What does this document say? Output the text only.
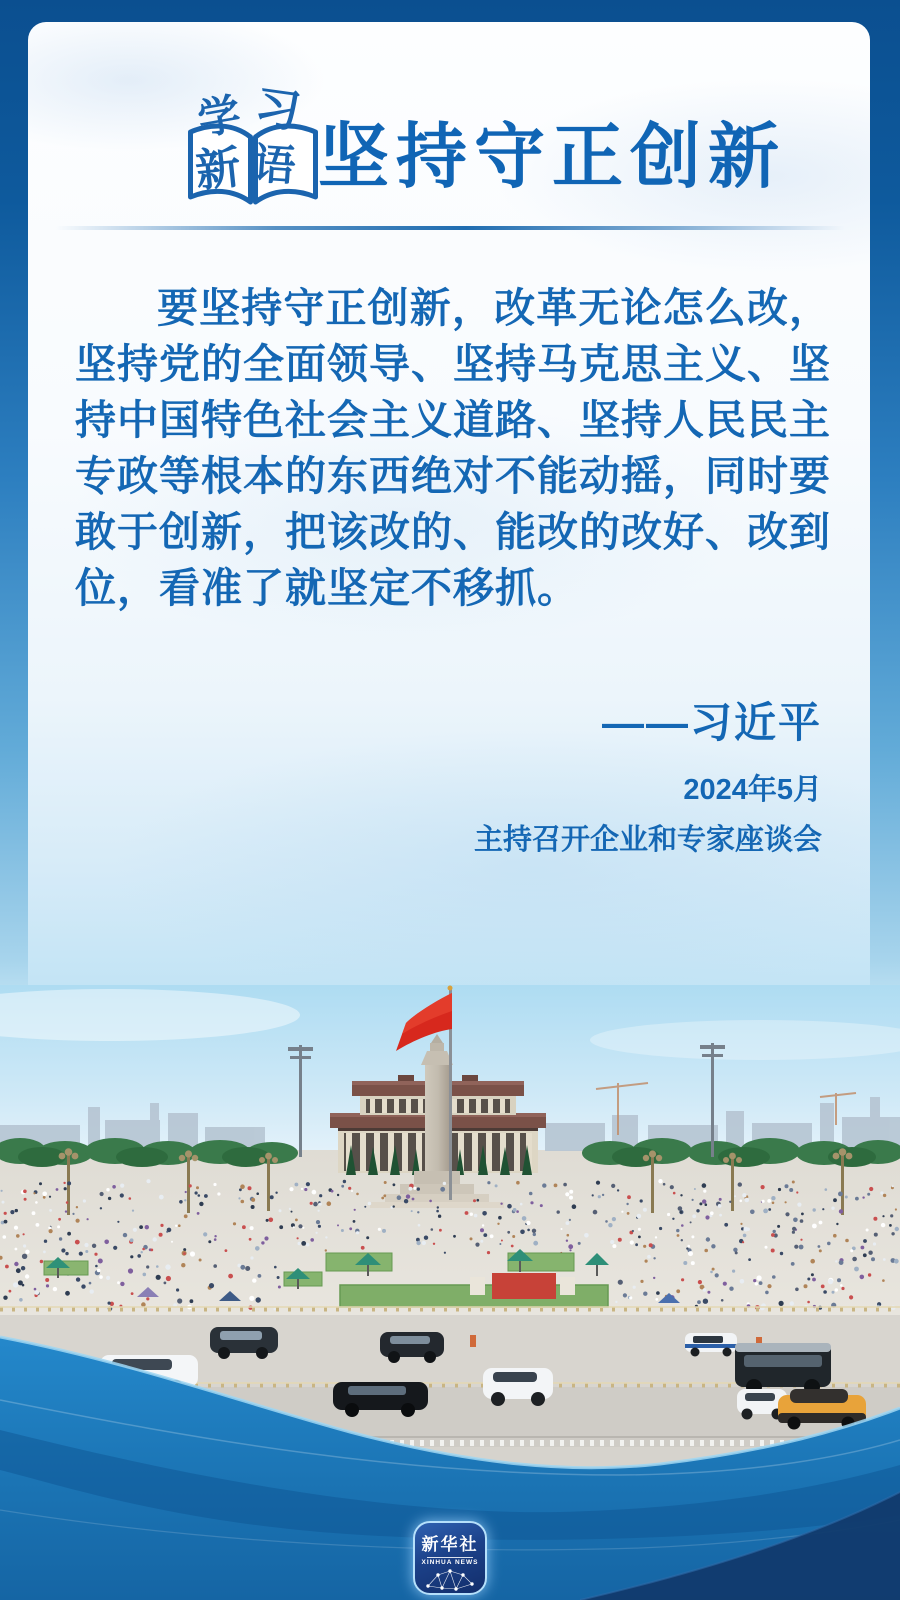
学 习
新 语 坚持守正创新
要坚持守正创新，改革无论怎么改，坚持党的全面领导、坚持马克思主义、坚持中国特色社会主义道路、坚持人民民主专政等根本的东西绝对不能动摇，同时要敢于创新，把该改的、能改的改好、改到位，看准了就坚定不移抓。
——习近平
2024年5月
主持召开企业和专家座谈会
新华社
XINHUA NEWS
